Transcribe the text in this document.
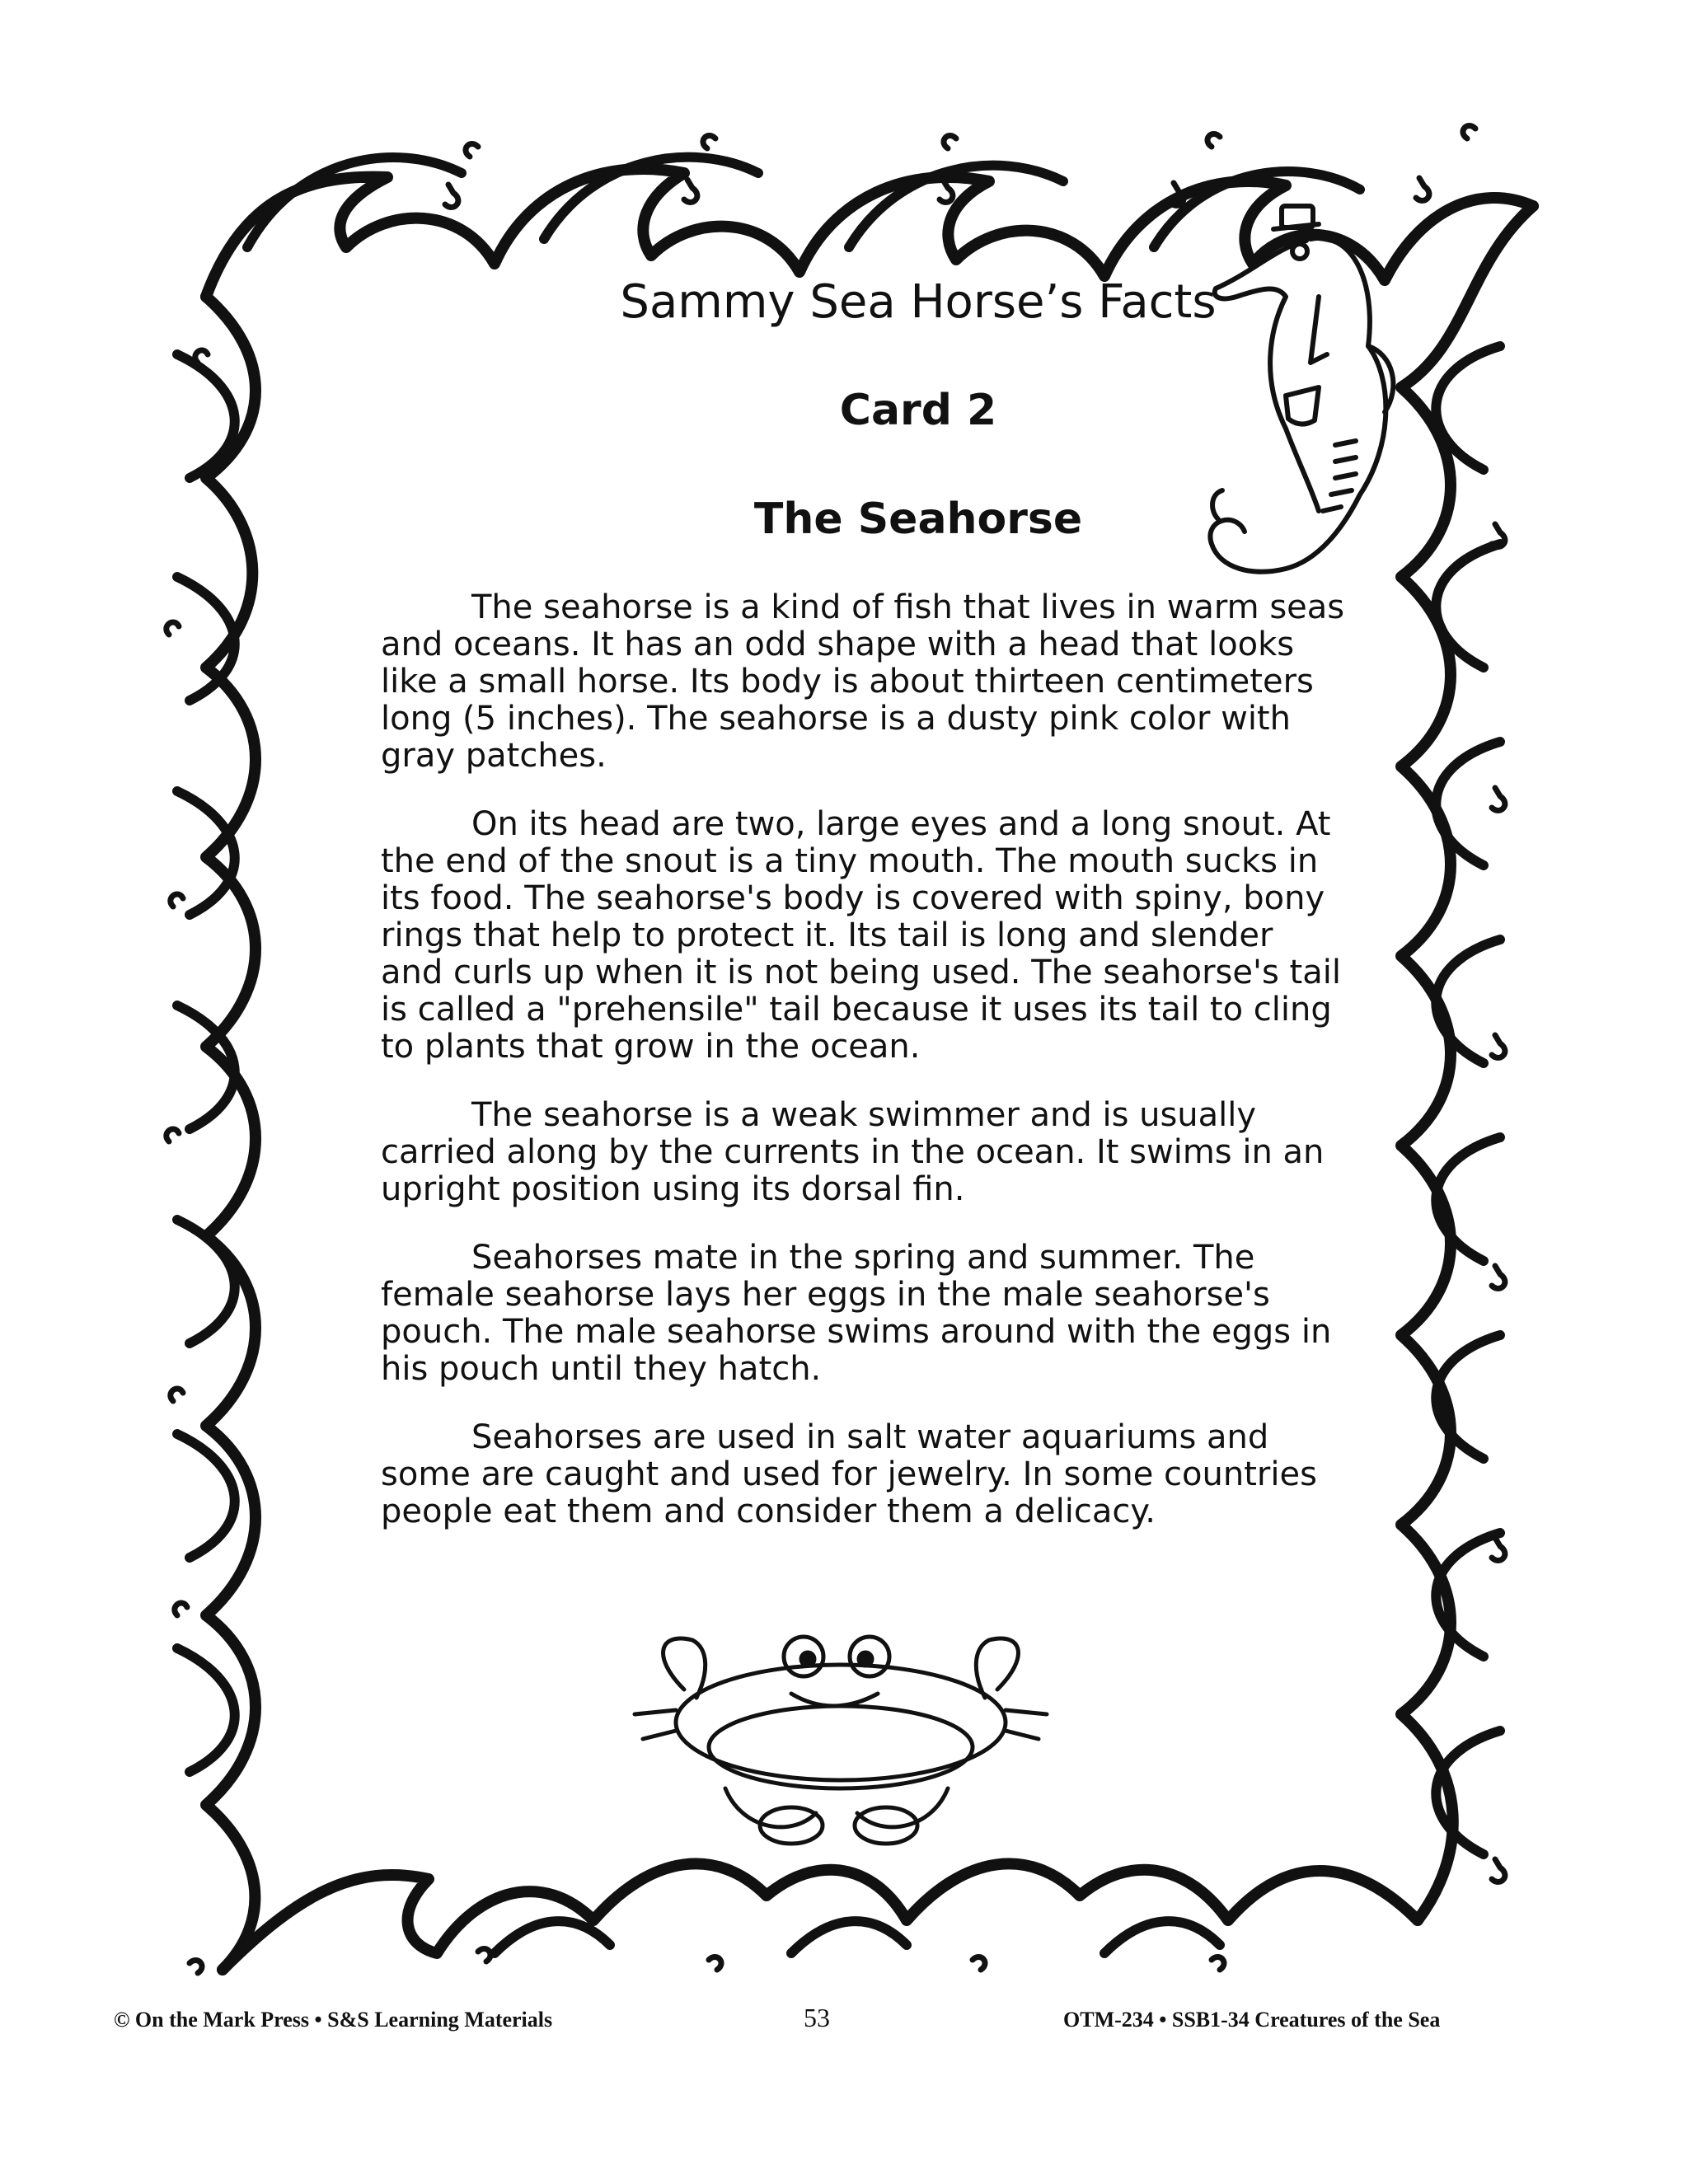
Sammy Sea Horse’s Facts
Card 2
The Seahorse

The seahorse is a kind of fish that lives in warm seas and oceans. It has an odd shape with a head that looks like a small horse. Its body is about thirteen centimeters long (5 inches). The seahorse is a dusty pink color with gray patches.

On its head are two, large eyes and a long snout. At the end of the snout is a tiny mouth. The mouth sucks in its food. The seahorse's body is covered with spiny, bony rings that help to protect it. Its tail is long and slender and curls up when it is not being used. The seahorse's tail is called a "prehensile" tail because it uses its tail to cling to plants that grow in the ocean.

The seahorse is a weak swimmer and is usually carried along by the currents in the ocean. It swims in an upright position using its dorsal fin.

Seahorses mate in the spring and summer. The female seahorse lays her eggs in the male seahorse's pouch. The male seahorse swims around with the eggs in his pouch until they hatch.

Seahorses are used in salt water aquariums and some are caught and used for jewelry. In some countries people eat them and consider them a delicacy.

© On the Mark Press • S&S Learning Materials	53	OTM-234 • SSB1-34 Creatures of the Sea
